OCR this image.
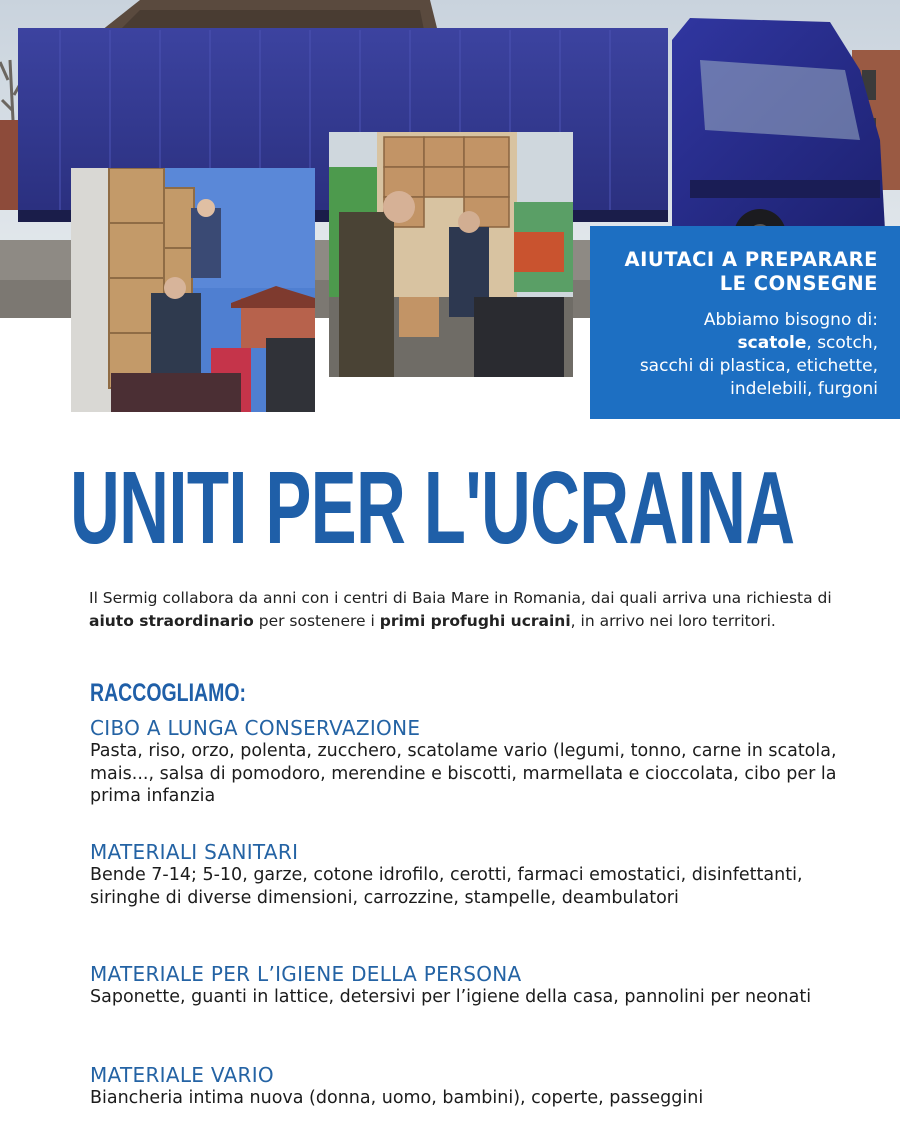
AIUTACI A PREPARARE
LE CONSEGNE
Abbiamo bisogno di:
scatole, scotch,
sacchi di plastica, etichette,
indelebili, furgoni
UNITI PER L'UCRAINA

Il Sermig collabora da anni con i centri di Baia Mare in Romania, dai quali arriva una richiesta di aiuto straordinario per sostenere i primi profughi ucraini, in arrivo nei loro territori.

RACCOGLIAMO:

CIBO A LUNGA CONSERVAZIONE

Pasta, riso, orzo, polenta, zucchero, scatolame vario (legumi, tonno, carne in scatola, mais..., salsa di pomodoro, merendine e biscotti, marmellata e cioccolata, cibo per la prima infanzia

MATERIALI SANITARI

Bende 7-14; 5-10, garze, cotone idrofilo, cerotti, farmaci emostatici, disinfettanti, siringhe di diverse dimensioni, carrozzine, stampelle, deambulatori

MATERIALE PER L’IGIENE DELLA PERSONA

Saponette, guanti in lattice, detersivi per l’igiene della casa, pannolini per neonati

MATERIALE VARIO

Biancheria intima nuova (donna, uomo, bambini), coperte, passeggini
